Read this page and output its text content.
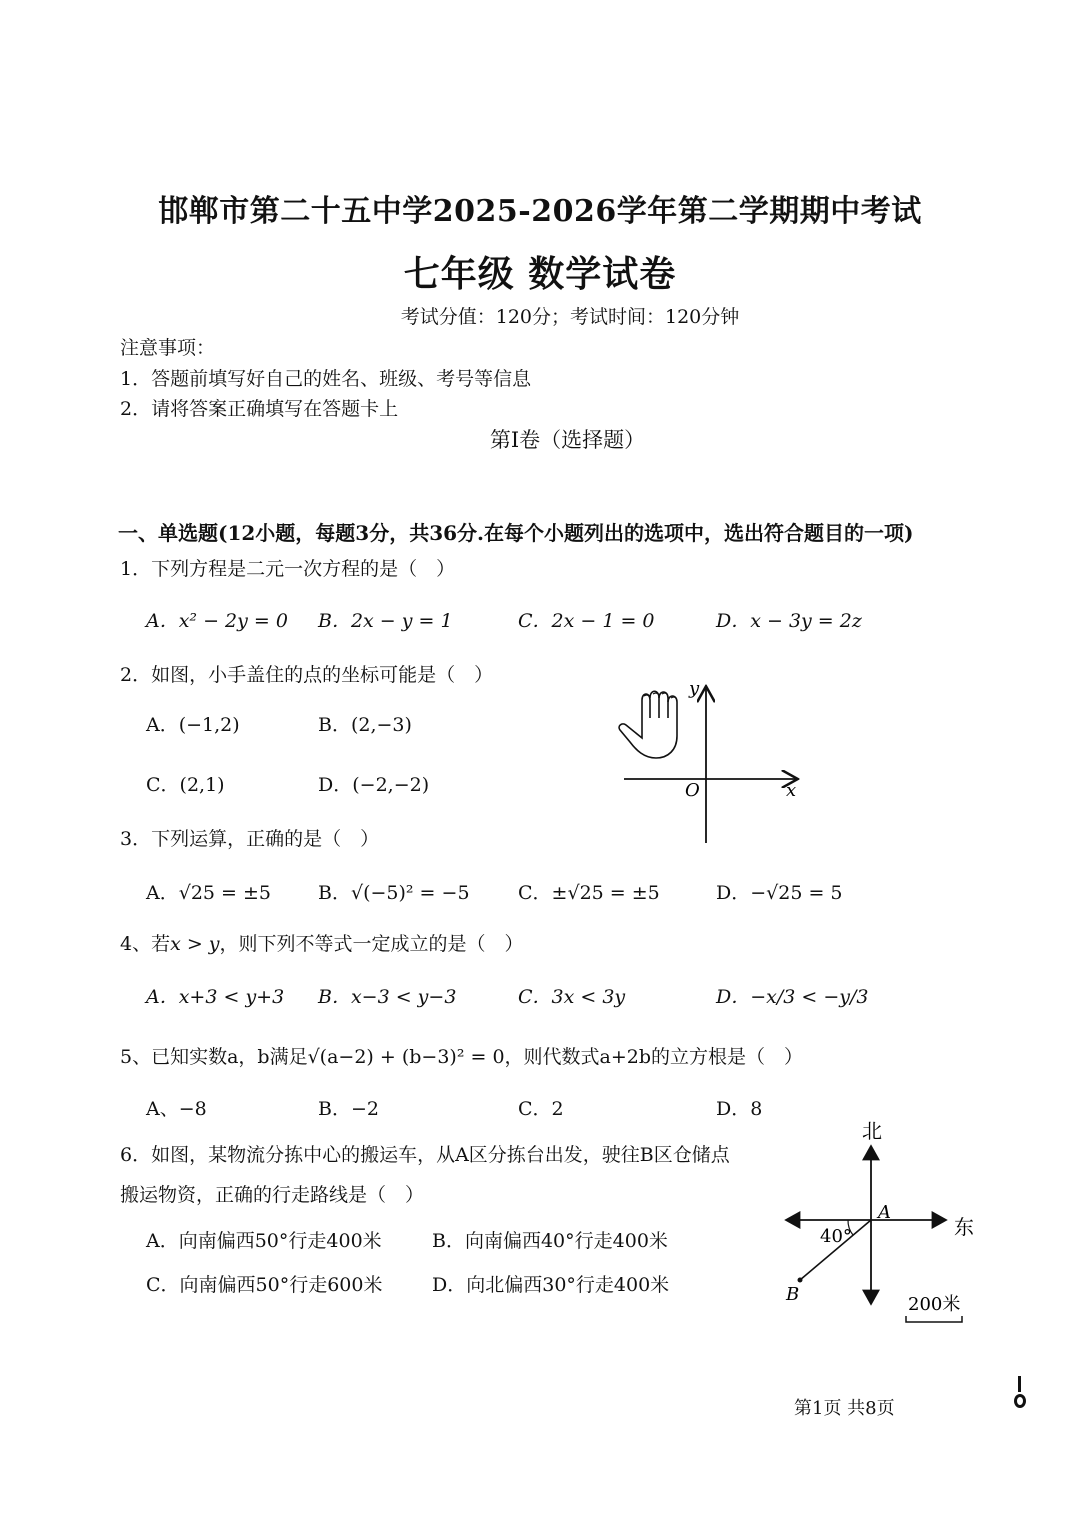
邯郸市第二十五中学2025-2026学年第二学期期中考试
七年级 数学试卷
考试分值：120分；考试时间：120分钟
注意事项：
1．答题前填写好自己的姓名、班级、考号等信息
2．请将答案正确填写在答题卡上
第Ⅰ卷（选择题）
一、单选题(12小题，每题3分，共36分.在每个小题列出的选项中，选出符合题目的一项)
1．下列方程是二元一次方程的是（　）
A．x² − 2y = 0 B．2x − y = 1	C．2x − 1 = 0	D．x − 3y = 2z
2．如图，小手盖住的点的坐标可能是（　）
A．(−1,2)	B．(2,−3)
C．(2,1)	D．(−2,−2)
y
x
O
3．下列运算，正确的是（　）
A．√25 = ±5 B．√(−5)² = −5	C．±√25 = ±5	D．−√25 = 5
4、若x > y，则下列不等式一定成立的是（　）
A．x+3 < y+3 B．x−3 < y−3	C．3x < 3y	D．−x/3 < −y/3
5、已知实数a，b满足√(a−2) + (b−3)² = 0，则代数式a+2b的立方根是（　）
A、−8	B．−2	C．2	D．8
6．如图，某物流分拣中心的搬运车，从A区分拣台出发，驶往B区仓储点
搬运物资，正确的行走路线是（　）
A．向南偏西50°行走400米	B．向南偏西40°行走400米
C．向南偏西50°行走600米	D．向北偏西30°行走400米
北
东
A
B
40°
200米
第1页 共8页
